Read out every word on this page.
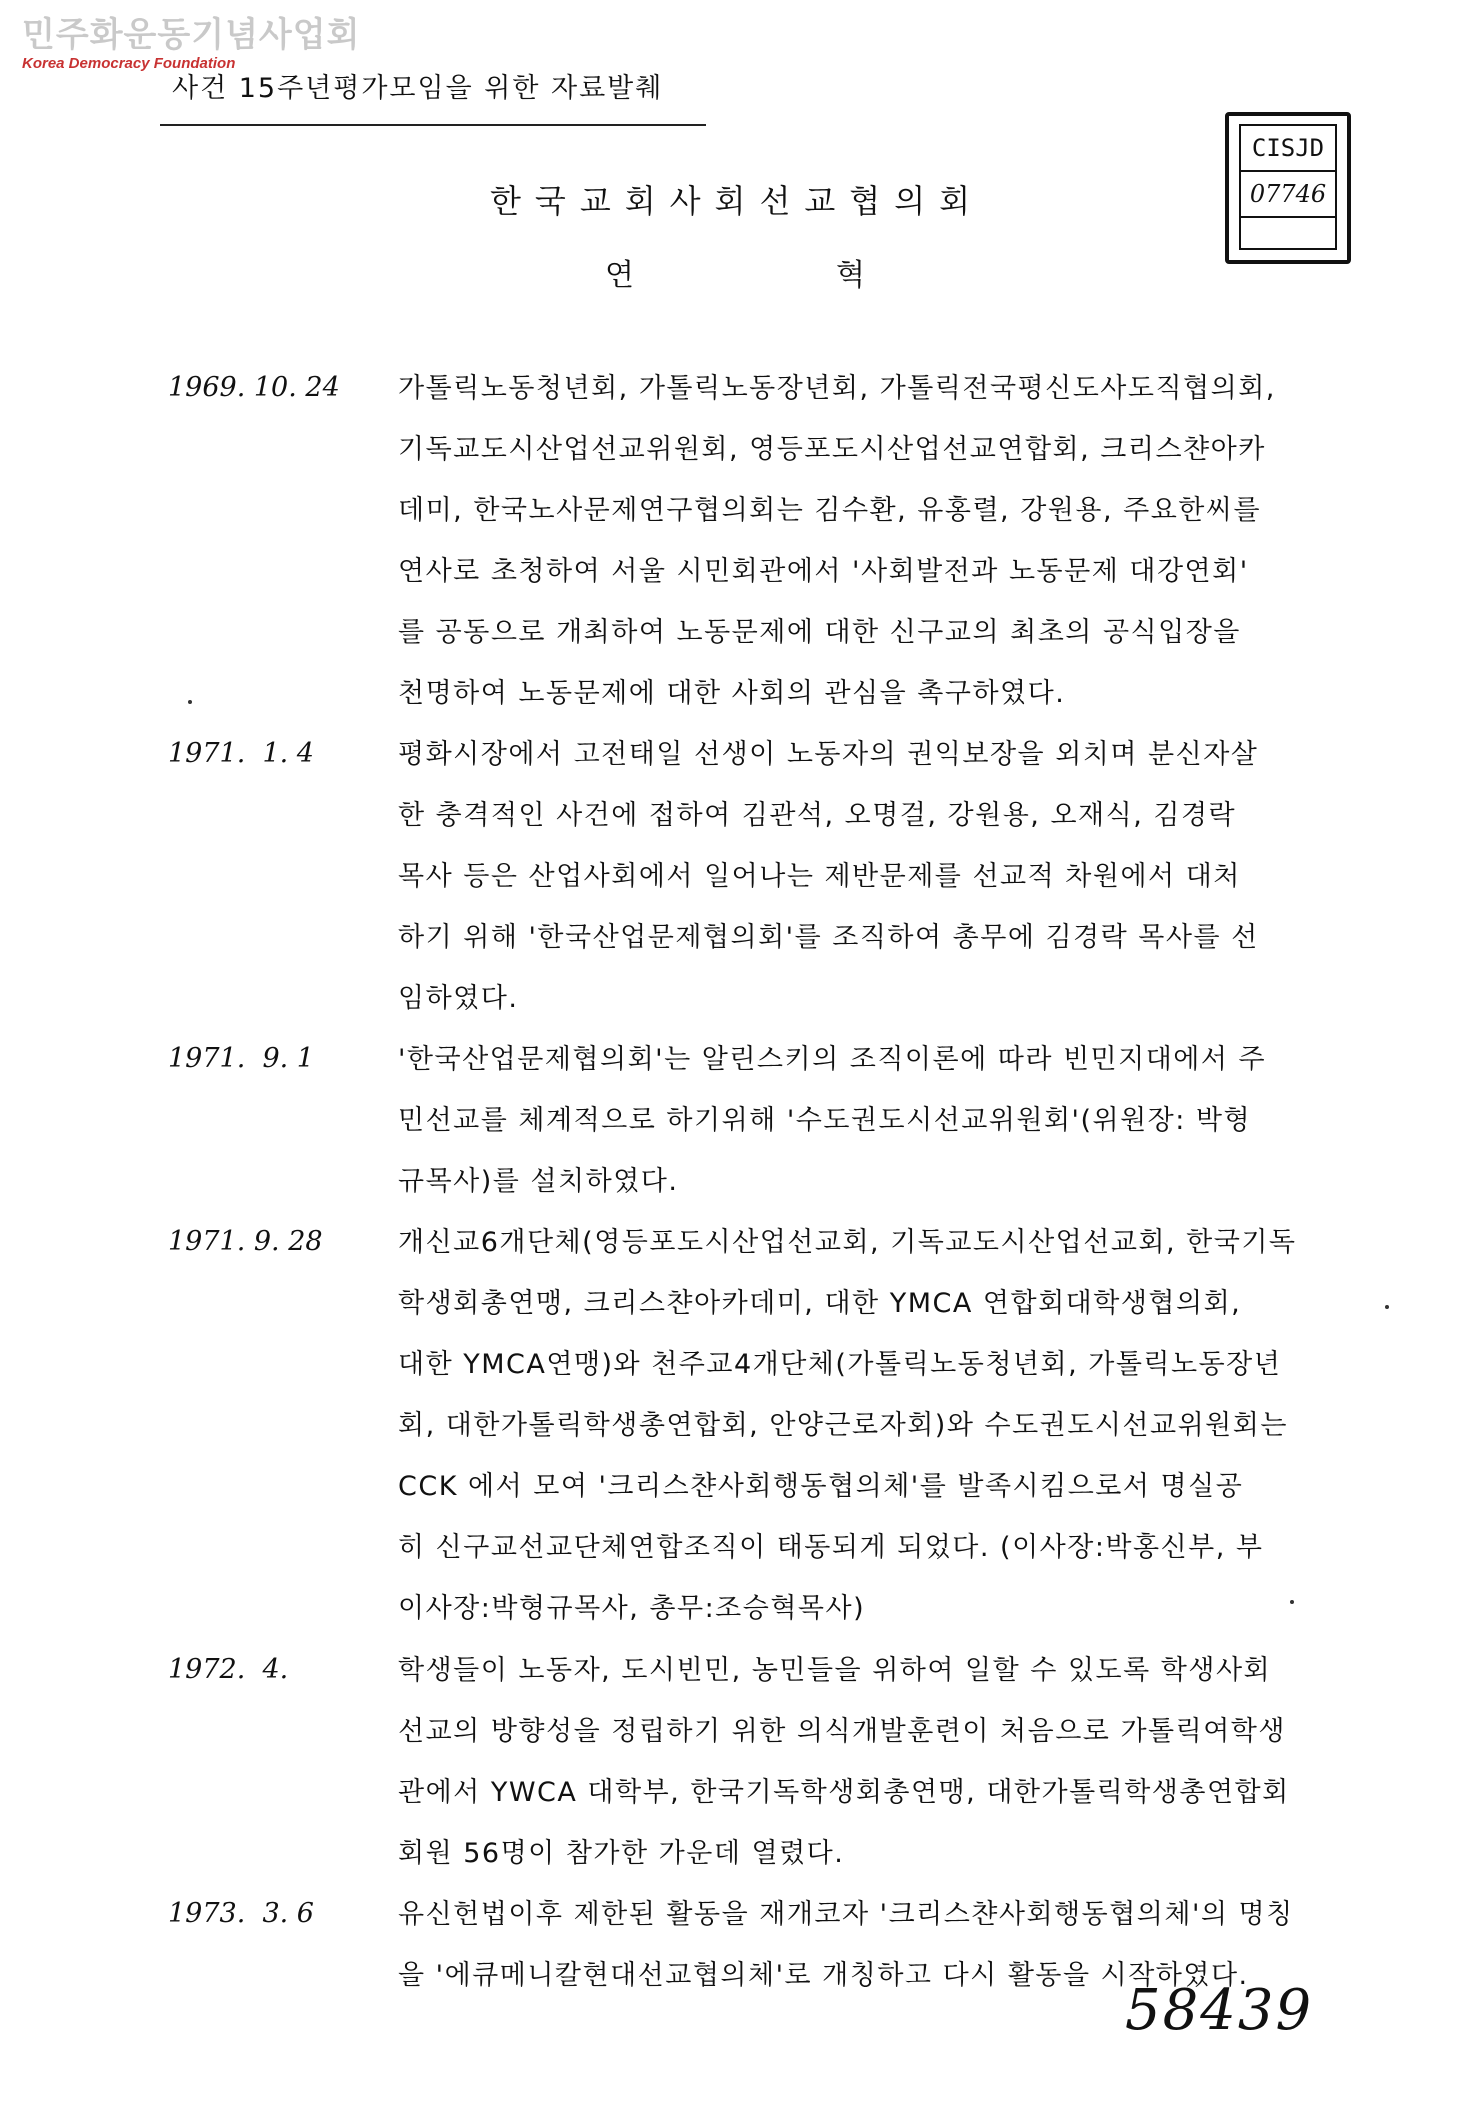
민주화운동기념사업회
Korea Democracy Foundation
사건 15주년평가모임을 위한 자료발췌
CISJD
07746
한국교회사회선교협의회
연	혁
1969. 10. 24	가톨릭노동청년회, 가톨릭노동장년회, 가톨릭전국평신도사도직협의회,
기독교도시산업선교위원회, 영등포도시산업선교연합회, 크리스챤아카
데미, 한국노사문제연구협의회는 김수환, 유홍렬, 강원용, 주요한씨를
연사로 초청하여 서울 시민회관에서 '사회발전과 노동문제 대강연회'
를 공동으로 개최하여 노동문제에 대한 신구교의 최초의 공식입장을
천명하여 노동문제에 대한 사회의 관심을 촉구하였다.
1971.  1. 4	평화시장에서 고전태일 선생이 노동자의 권익보장을 외치며 분신자살
한 충격적인 사건에 접하여 김관석, 오명걸, 강원용, 오재식, 김경락
목사 등은 산업사회에서 일어나는 제반문제를 선교적 차원에서 대처
하기 위해 '한국산업문제협의회'를 조직하여 총무에 김경락 목사를 선
임하였다.
1971.  9. 1	'한국산업문제협의회'는 알린스키의 조직이론에 따라 빈민지대에서 주
민선교를 체계적으로 하기위해 '수도권도시선교위원회'(위원장: 박형
규목사)를 설치하였다.
1971. 9. 28	개신교6개단체(영등포도시산업선교회, 기독교도시산업선교회, 한국기독
학생회총연맹, 크리스챤아카데미, 대한 YMCA 연합회대학생협의회,
대한 YMCA연맹)와 천주교4개단체(가톨릭노동청년회, 가톨릭노동장년
회, 대한가톨릭학생총연합회, 안양근로자회)와 수도권도시선교위원회는
CCK 에서 모여 '크리스챤사회행동협의체'를 발족시킴으로서 명실공
히 신구교선교단체연합조직이 태동되게 되었다. (이사장:박홍신부, 부
이사장:박형규목사, 총무:조승혁목사)
1972.  4.	학생들이 노동자, 도시빈민, 농민들을 위하여 일할 수 있도록 학생사회
선교의 방향성을 정립하기 위한 의식개발훈련이 처음으로 가톨릭여학생
관에서 YWCA 대학부, 한국기독학생회총연맹, 대한가톨릭학생총연합회
회원 56명이 참가한 가운데 열렸다.
1973.  3. 6	유신헌법이후 제한된 활동을 재개코자 '크리스챤사회행동협의체'의 명칭
을 '에큐메니칼현대선교협의체'로 개칭하고 다시 활동을 시작하였다.
58439
